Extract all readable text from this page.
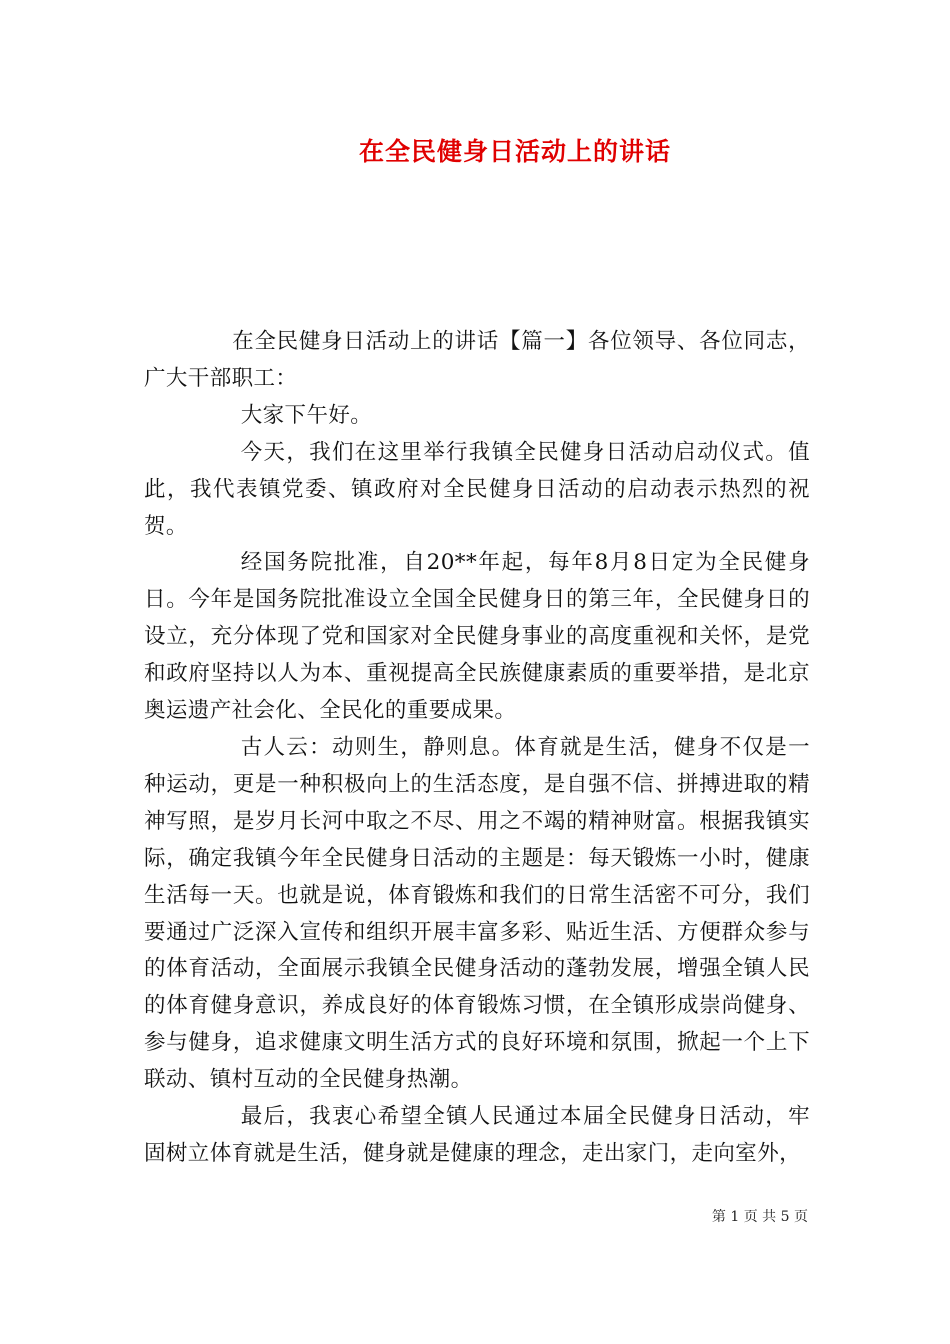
在全民健身日活动上的讲话

在全民健身日活动上的讲话【篇一】各位领导、各位同志，广大干部职工：

大家下午好。

今天，我们在这里举行我镇全民健身日活动启动仪式。值此，我代表镇党委、镇政府对全民健身日活动的启动表示热烈的祝贺。

经国务院批准，自20**年起，每年8月8日定为全民健身日。今年是国务院批准设立全国全民健身日的第三年，全民健身日的设立，充分体现了党和国家对全民健身事业的高度重视和关怀，是党和政府坚持以人为本、重视提高全民族健康素质的重要举措，是北京奥运遗产社会化、全民化的重要成果。

古人云：动则生，静则息。体育就是生活，健身不仅是一种运动，更是一种积极向上的生活态度，是自强不信、拼搏进取的精神写照，是岁月长河中取之不尽、用之不竭的精神财富。根据我镇实际，确定我镇今年全民健身日活动的主题是：每天锻炼一小时，健康生活每一天。也就是说，体育锻炼和我们的日常生活密不可分，我们要通过广泛深入宣传和组织开展丰富多彩、贴近生活、方便群众参与的体育活动，全面展示我镇全民健身活动的蓬勃发展，增强全镇人民的体育健身意识，养成良好的体育锻炼习惯，在全镇形成崇尚健身、参与健身，追求健康文明生活方式的良好环境和氛围，掀起一个上下联动、镇村互动的全民健身热潮。

最后，我衷心希望全镇人民通过本届全民健身日活动，牢固树立体育就是生活，健身就是健康的理念，走出家门，走向室外，

第 1 页 共 5 页
